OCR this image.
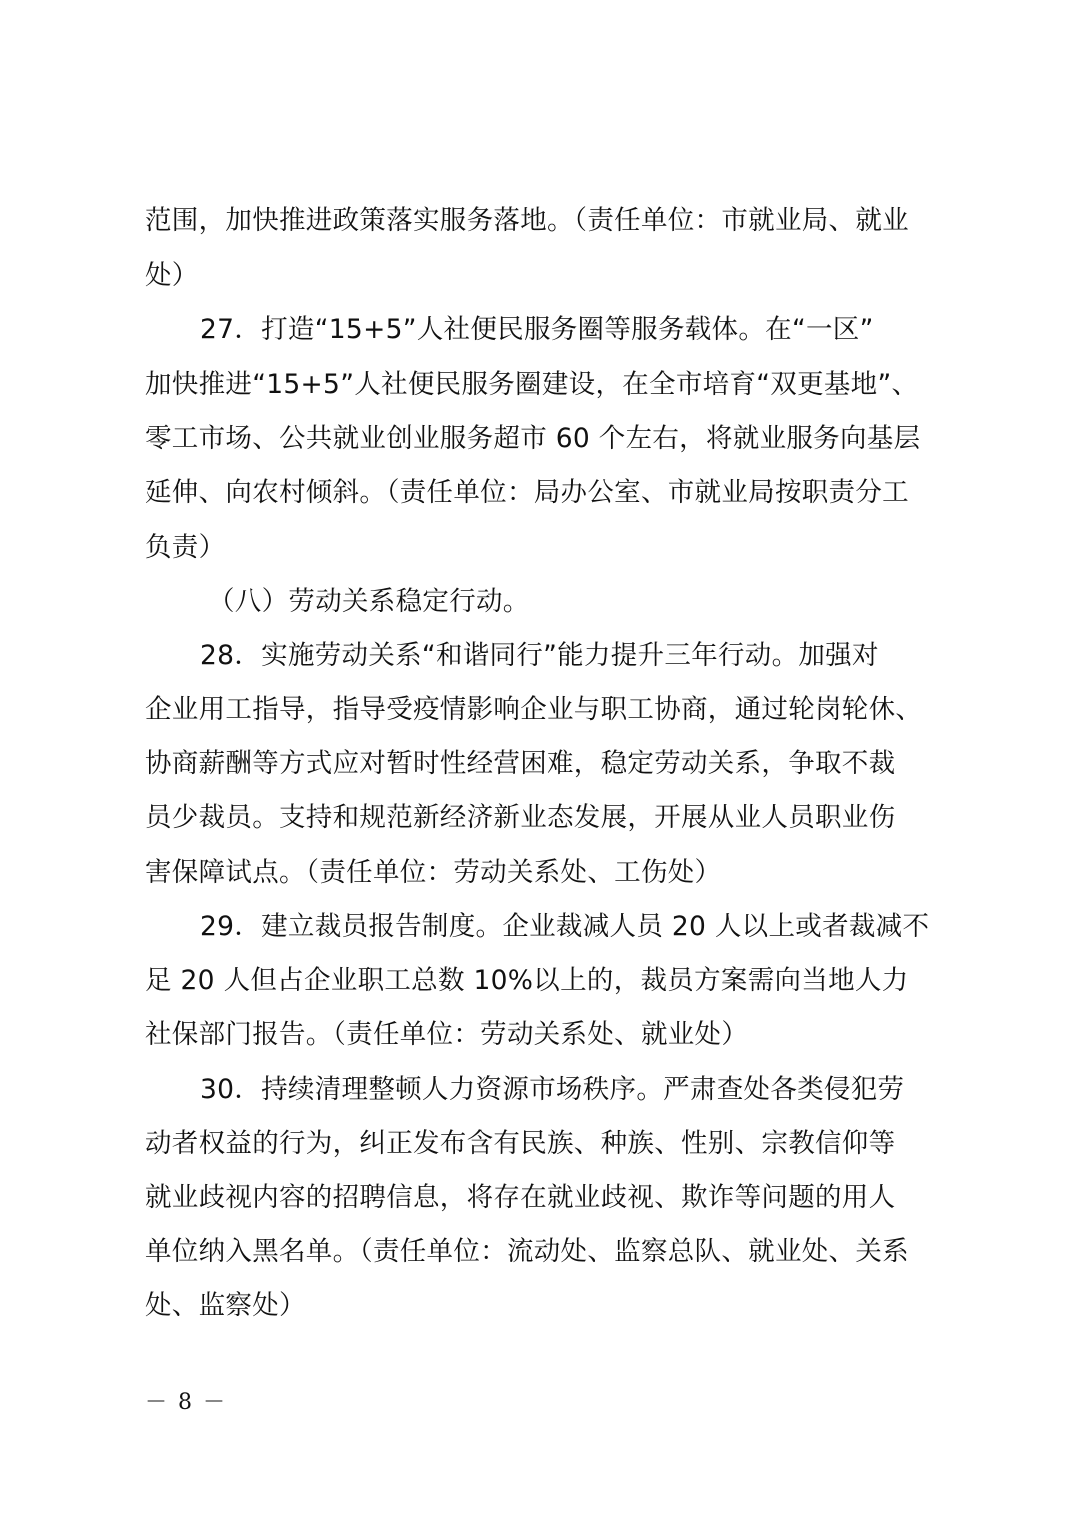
范围，加快推进政策落实服务落地。（责任单位：市就业局、就业
处）
27．打造“15+5”人社便民服务圈等服务载体。在“一区”
加快推进“15+5”人社便民服务圈建设，在全市培育“双更基地”、
零工市场、公共就业创业服务超市 60 个左右，将就业服务向基层
延伸、向农村倾斜。（责任单位：局办公室、市就业局按职责分工
负责）
（八）劳动关系稳定行动。
28．实施劳动关系“和谐同行”能力提升三年行动。加强对
企业用工指导，指导受疫情影响企业与职工协商，通过轮岗轮休、
协商薪酬等方式应对暂时性经营困难，稳定劳动关系，争取不裁
员少裁员。支持和规范新经济新业态发展，开展从业人员职业伤
害保障试点。（责任单位：劳动关系处、工伤处）
29．建立裁员报告制度。企业裁减人员 20 人以上或者裁减不
足 20 人但占企业职工总数 10%以上的，裁员方案需向当地人力
社保部门报告。（责任单位：劳动关系处、就业处）
30．持续清理整顿人力资源市场秩序。严肃查处各类侵犯劳
动者权益的行为，纠正发布含有民族、种族、性别、宗教信仰等
就业歧视内容的招聘信息，将存在就业歧视、欺诈等问题的用人
单位纳入黑名单。（责任单位：流动处、监察总队、就业处、关系
处、监察处）
－ 8 －
